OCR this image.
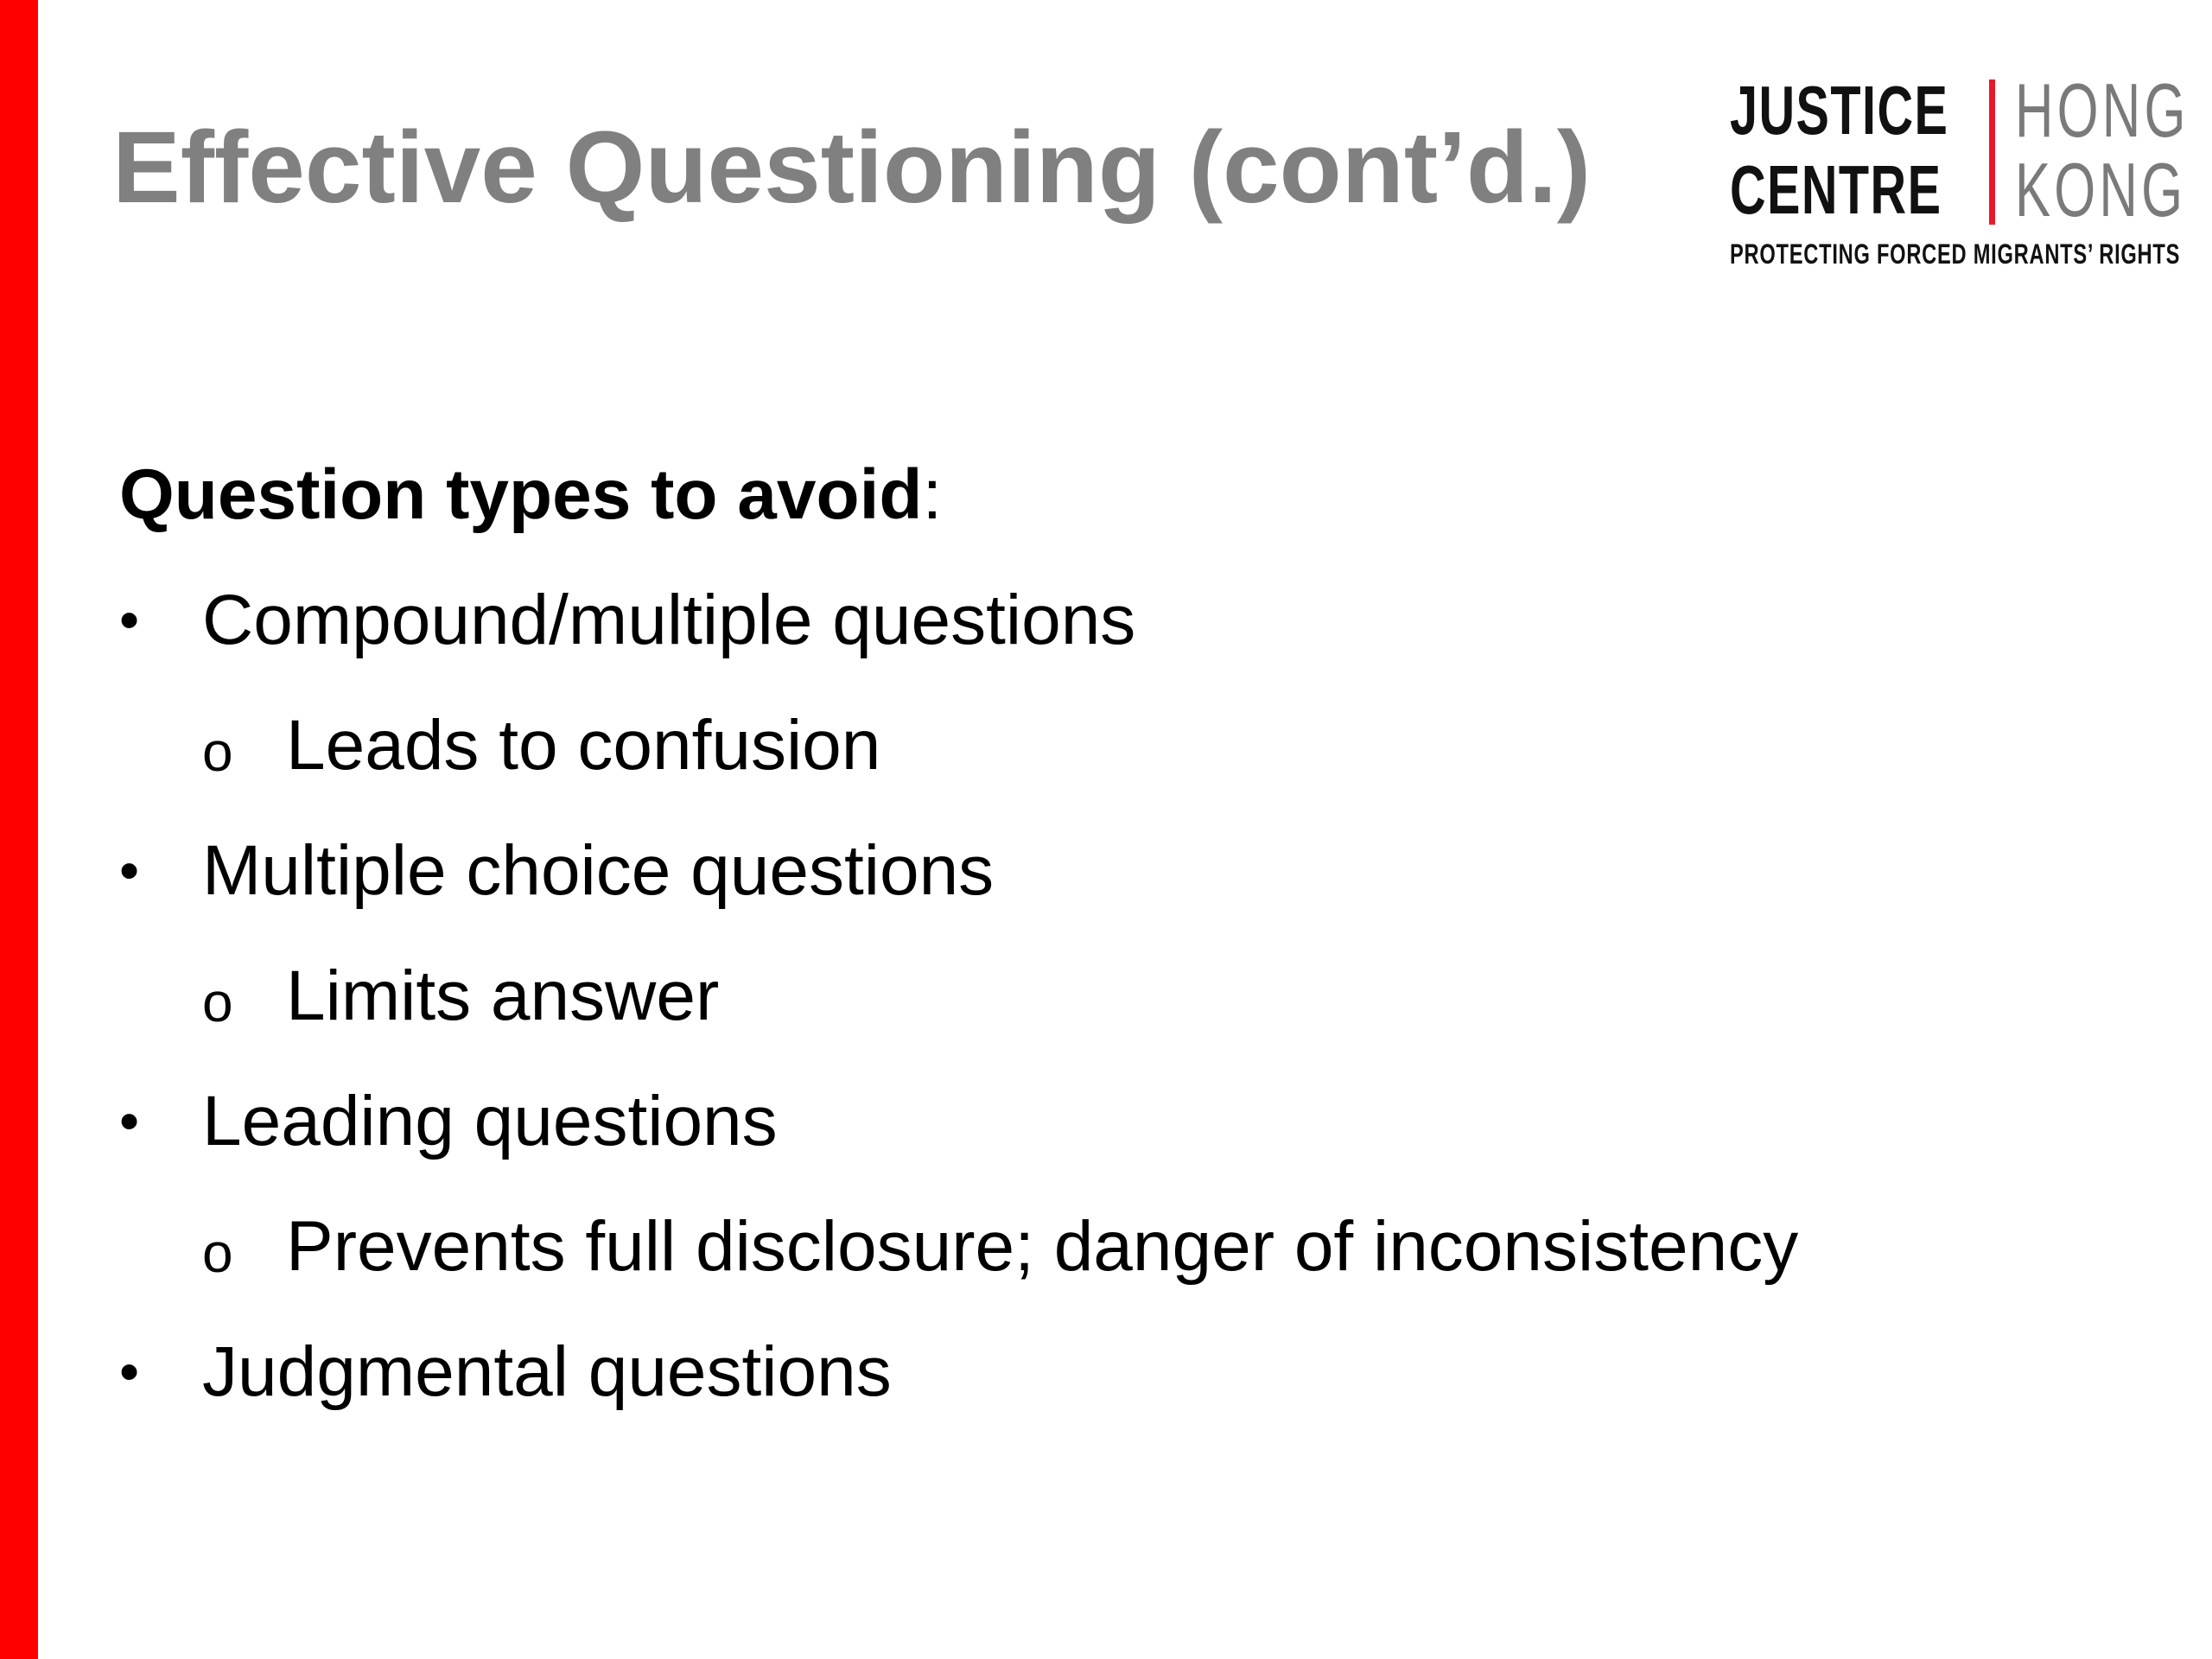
Effective Questioning (cont’d.)
JUSTICE HONG
CENTRE KONG
PROTECTING FORCED MIGRANTS’ RIGHTS

Question types to avoid:

• Compound/multiple questions
o Leads to confusion
• Multiple choice questions
o Limits answer
• Leading questions
o Prevents full disclosure; danger of inconsistency
• Judgmental questions
